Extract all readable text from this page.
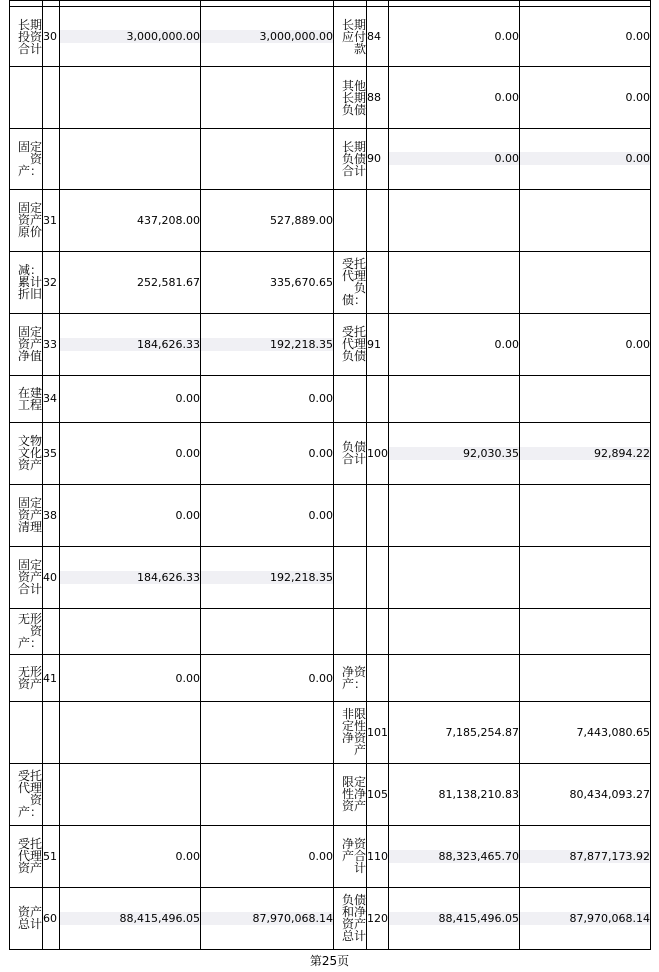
长期投资合计	30	3,000,000.00	3,000,000.00	长期应付款	84	0.00	0.00
				其他长期负债	88	0.00	0.00
固定资产：				长期负债合计	90	0.00	0.00

固定资产原价	31	437,208.00	527,889.00				
减：累计折旧	32	252,581.67	335,670.65	受托代理负债：			
固定资产净值	33	184,626.33	192,218.35	受托代理负债	91	0.00	0.00
在建工程	34	0.00	0.00				
文物文化资产	35	0.00	0.00	负债合计	100	92,030.35	92,894.22

固定资产清理	38	0.00	0.00				
固定资产合计	40	184,626.33	192,218.35				

无形资产：							
无形资产	41	0.00	0.00	净资产：			
				非限定性净资产	101	7,185,254.87	7,443,080.65
受托代理资产：				限定性净资产	105	81,138,210.83	80,434,093.27
受托代理资产	51	0.00	0.00	净资产合计	110	88,323,465.70	87,877,173.92

资产总计	60	88,415,496.05	87,970,068.14	负债和净资产总计	120	88,415,496.05	87,970,068.14
第25页
